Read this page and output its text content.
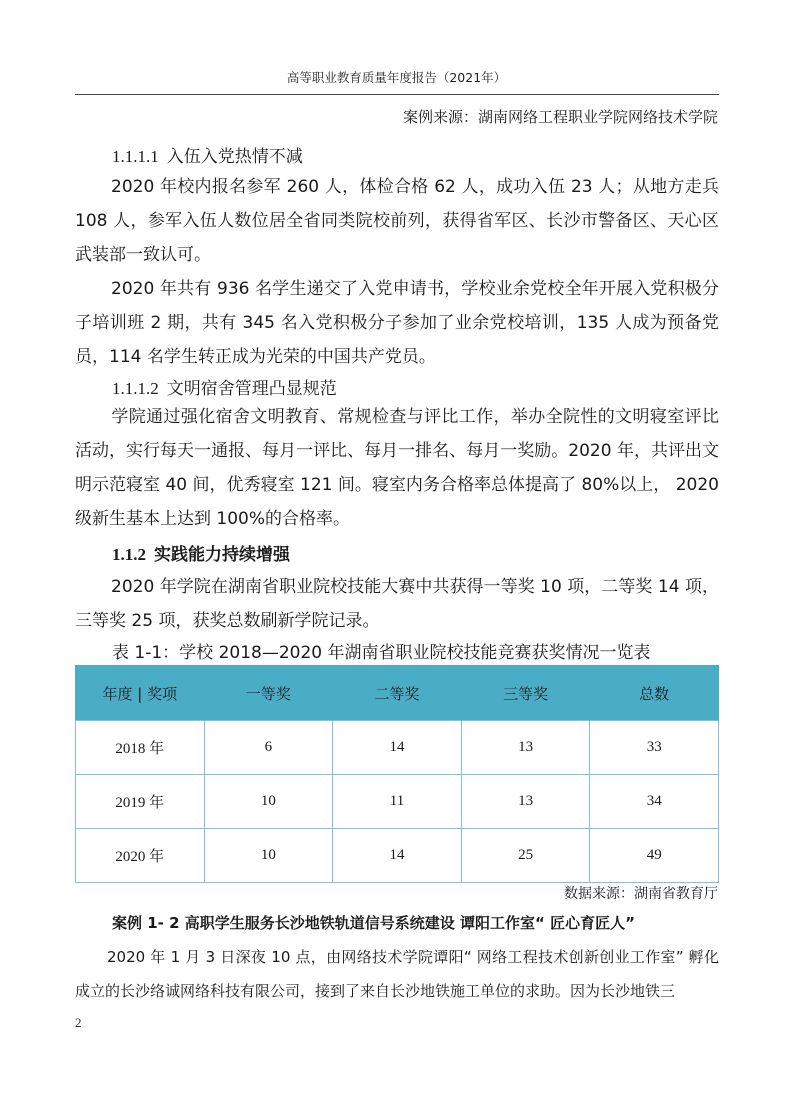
高等职业教育质量年度报告（2021年）
案例来源：湖南网络工程职业学院网络技术学院
1.1.1.1 入伍入党热情不减
2020 年校内报名参军 260 人，体检合格 62 人，成功入伍 23 人；从地方走兵 108 人，参军入伍人数位居全省同类院校前列，获得省军区、长沙市警备区、天心区武装部一致认可。
2020 年共有 936 名学生递交了入党申请书，学校业余党校全年开展入党积极分子培训班 2 期，共有 345 名入党积极分子参加了业余党校培训，135 人成为预备党员，114 名学生转正成为光荣的中国共产党员。
1.1.1.2 文明宿舍管理凸显规范
学院通过强化宿舍文明教育、常规检查与评比工作，举办全院性的文明寝室评比活动，实行每天一通报、每月一评比、每月一排名、每月一奖励。2020 年，共评出文明示范寝室 40 间，优秀寝室 121 间。寝室内务合格率总体提高了 80%以上， 2020 级新生基本上达到 100%的合格率。
1.1.2 实践能力持续增强
2020 年学院在湖南省职业院校技能大赛中共获得一等奖 10 项，二等奖 14 项，三等奖 25 项，获奖总数刷新学院记录。
表 1-1：学校 2018—2020 年湖南省职业院校技能竞赛获奖情况一览表
年度 | 奖项	一等奖	二等奖	三等奖	总数
2018 年	6	14	13	33
2019 年	10	11	13	34
2020 年	10	14	25	49
数据来源：湖南省教育厅
案例 1- 2 高职学生服务长沙地铁轨道信号系统建设 谭阳工作室“ 匠心育匠人”
2020 年 1 月 3 日深夜 10 点，由网络技术学院谭阳“ 网络工程技术创新创业工作室” 孵化成立的长沙络诚网络科技有限公司，接到了来自长沙地铁施工单位的求助。因为长沙地铁三
2
